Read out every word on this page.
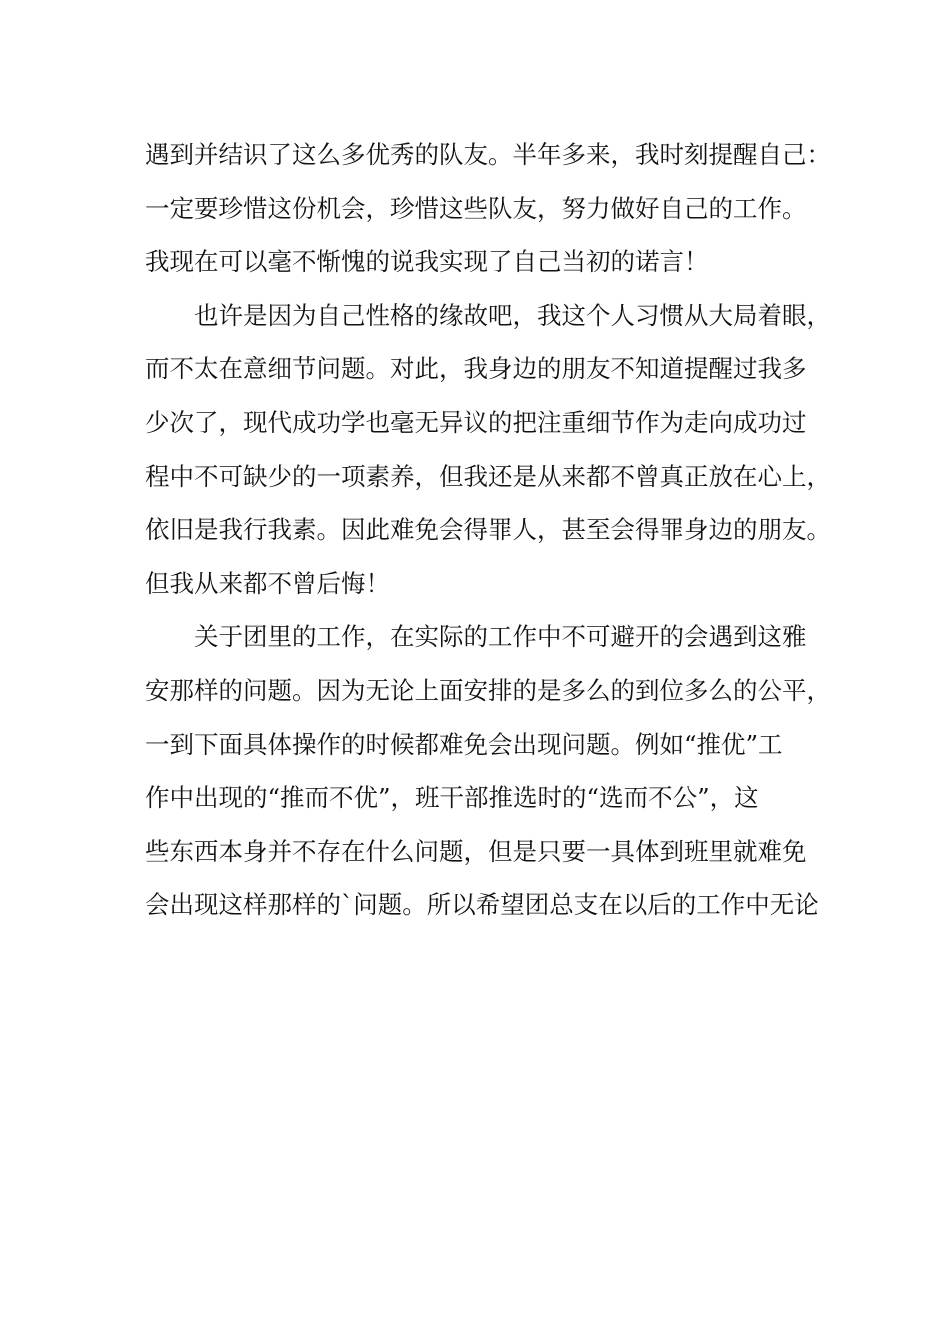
遇到并结识了这么多优秀的队友。半年多来，我时刻提醒自己：
一定要珍惜这份机会，珍惜这些队友，努力做好自己的工作。
我现在可以毫不惭愧的说我实现了自己当初的诺言！
也许是因为自己性格的缘故吧，我这个人习惯从大局着眼，
而不太在意细节问题。对此，我身边的朋友不知道提醒过我多
少次了，现代成功学也毫无异议的把注重细节作为走向成功过
程中不可缺少的一项素养，但我还是从来都不曾真正放在心上，
依旧是我行我素。因此难免会得罪人，甚至会得罪身边的朋友。
但我从来都不曾后悔！
关于团里的工作，在实际的工作中不可避开的会遇到这雅
安那样的问题。因为无论上面安排的是多么的到位多么的公平，
一到下面具体操作的时候都难免会出现问题。例如“推优”工
作中出现的“推而不优”，班干部推选时的“选而不公”，这
些东西本身并不存在什么问题，但是只要一具体到班里就难免
会出现这样那样的`问题。所以希望团总支在以后的工作中无论
